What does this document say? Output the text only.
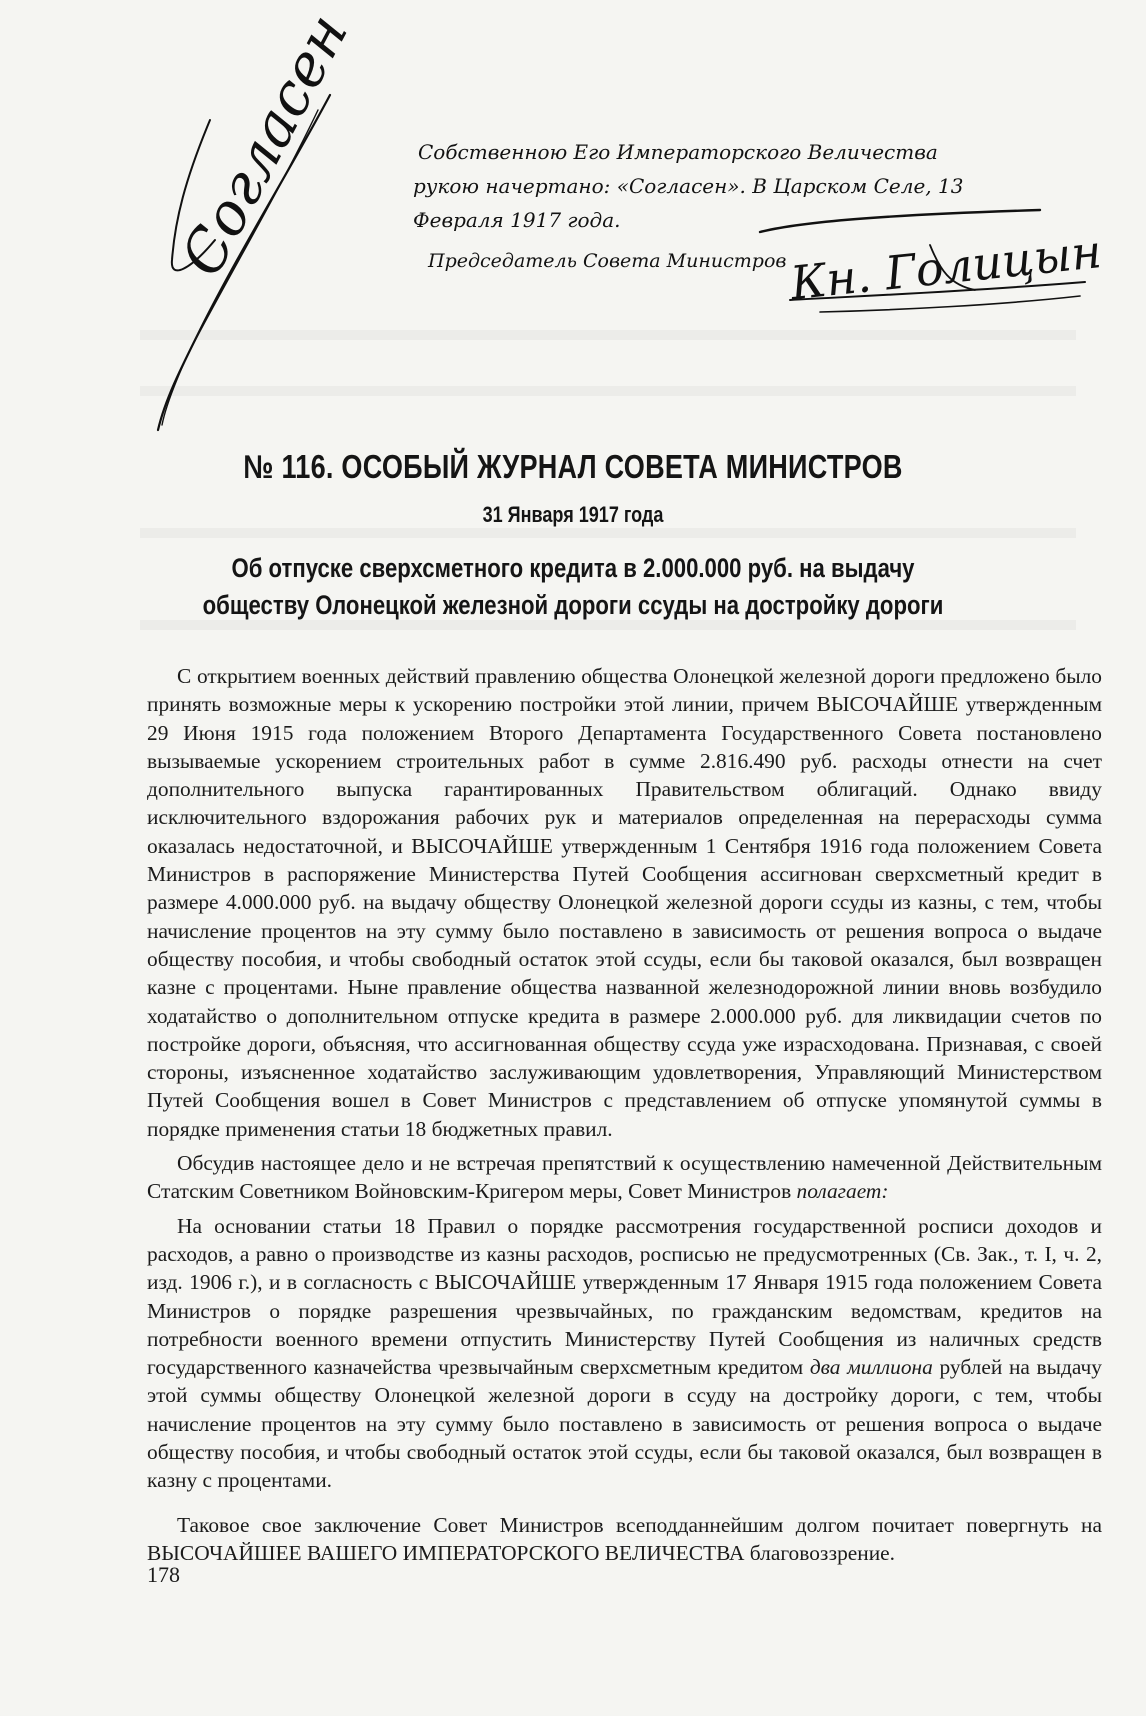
Согласен	Кн. Голицын
Собственною Его Императорского Величества
рукою начертано: «Согласен». В Царском Селе, 13
Февраля 1917 года.
Председатель Совета Министров
№ 116. ОСОБЫЙ ЖУРНАЛ СОВЕТА МИНИСТРОВ
31 Января 1917 года
Об отпуске сверхсметного кредита в 2.000.000 руб. на выдачу
обществу Олонецкой железной дороги ссуды на достройку дороги

С открытием военных действий правлению общества Олонецкой железной дороги предложено было принять возможные меры к ускорению постройки этой линии, причем ВЫСОЧАЙШЕ утвержденным 29 Июня 1915 года положением Второго Департамента Государственного Совета постановлено вызываемые ускорением строительных работ в сумме 2.816.490 руб. расходы отнести на счет дополнительного выпуска гарантированных Правительством облигаций. Однако ввиду исключительного вздорожания рабочих рук и материалов определенная на перерасходы сумма оказалась недостаточной, и ВЫСОЧАЙШЕ утвержденным 1 Сентября 1916 года положением Совета Министров в распоряжение Министерства Путей Сообщения ассигнован сверхсметный кредит в размере 4.000.000 руб. на выдачу обществу Олонецкой железной дороги ссуды из казны, с тем, чтобы начисление процентов на эту сумму было поставлено в зависимость от решения вопроса о выдаче обществу пособия, и чтобы свободный остаток этой ссуды, если бы таковой оказался, был возвращен казне с процентами. Ныне правление общества названной железнодорожной линии вновь возбудило ходатайство о дополнительном отпуске кредита в размере 2.000.000 руб. для ликвидации счетов по постройке дороги, объясняя, что ассигнованная обществу ссуда уже израсходована. Признавая, с своей стороны, изъясненное ходатайство заслуживающим удовлетворения, Управляющий Министерством Путей Сообщения вошел в Совет Министров с представлением об отпуске упомянутой суммы в порядке применения статьи 18 бюджетных правил.

Обсудив настоящее дело и не встречая препятствий к осуществлению намеченной Действительным Статским Советником Войновским-Кригером меры, Совет Министров полагает:

На основании статьи 18 Правил о порядке рассмотрения государственной росписи доходов и расходов, а равно о производстве из казны расходов, росписью не предусмотренных (Св. Зак., т. I, ч. 2, изд. 1906 г.), и в согласность с ВЫСОЧАЙШЕ утвержденным 17 Января 1915 года положением Совета Министров о порядке разрешения чрезвычайных, по гражданским ведомствам, кредитов на потребности военного времени отпустить Министерству Путей Сообщения из наличных средств государственного казначейства чрезвычайным сверхсметным кредитом два миллиона рублей на выдачу этой суммы обществу Олонецкой железной дороги в ссуду на достройку дороги, с тем, чтобы начисление процентов на эту сумму было поставлено в зависимость от решения вопроса о выдаче обществу пособия, и чтобы свободный остаток этой ссуды, если бы таковой оказался, был возвращен в казну с процентами.

Таковое свое заключение Совет Министров всеподданнейшим долгом почитает повергнуть на ВЫСОЧАЙШЕЕ ВАШЕГО ИМПЕРАТОРСКОГО ВЕЛИЧЕСТВА благовоззрение.

178
